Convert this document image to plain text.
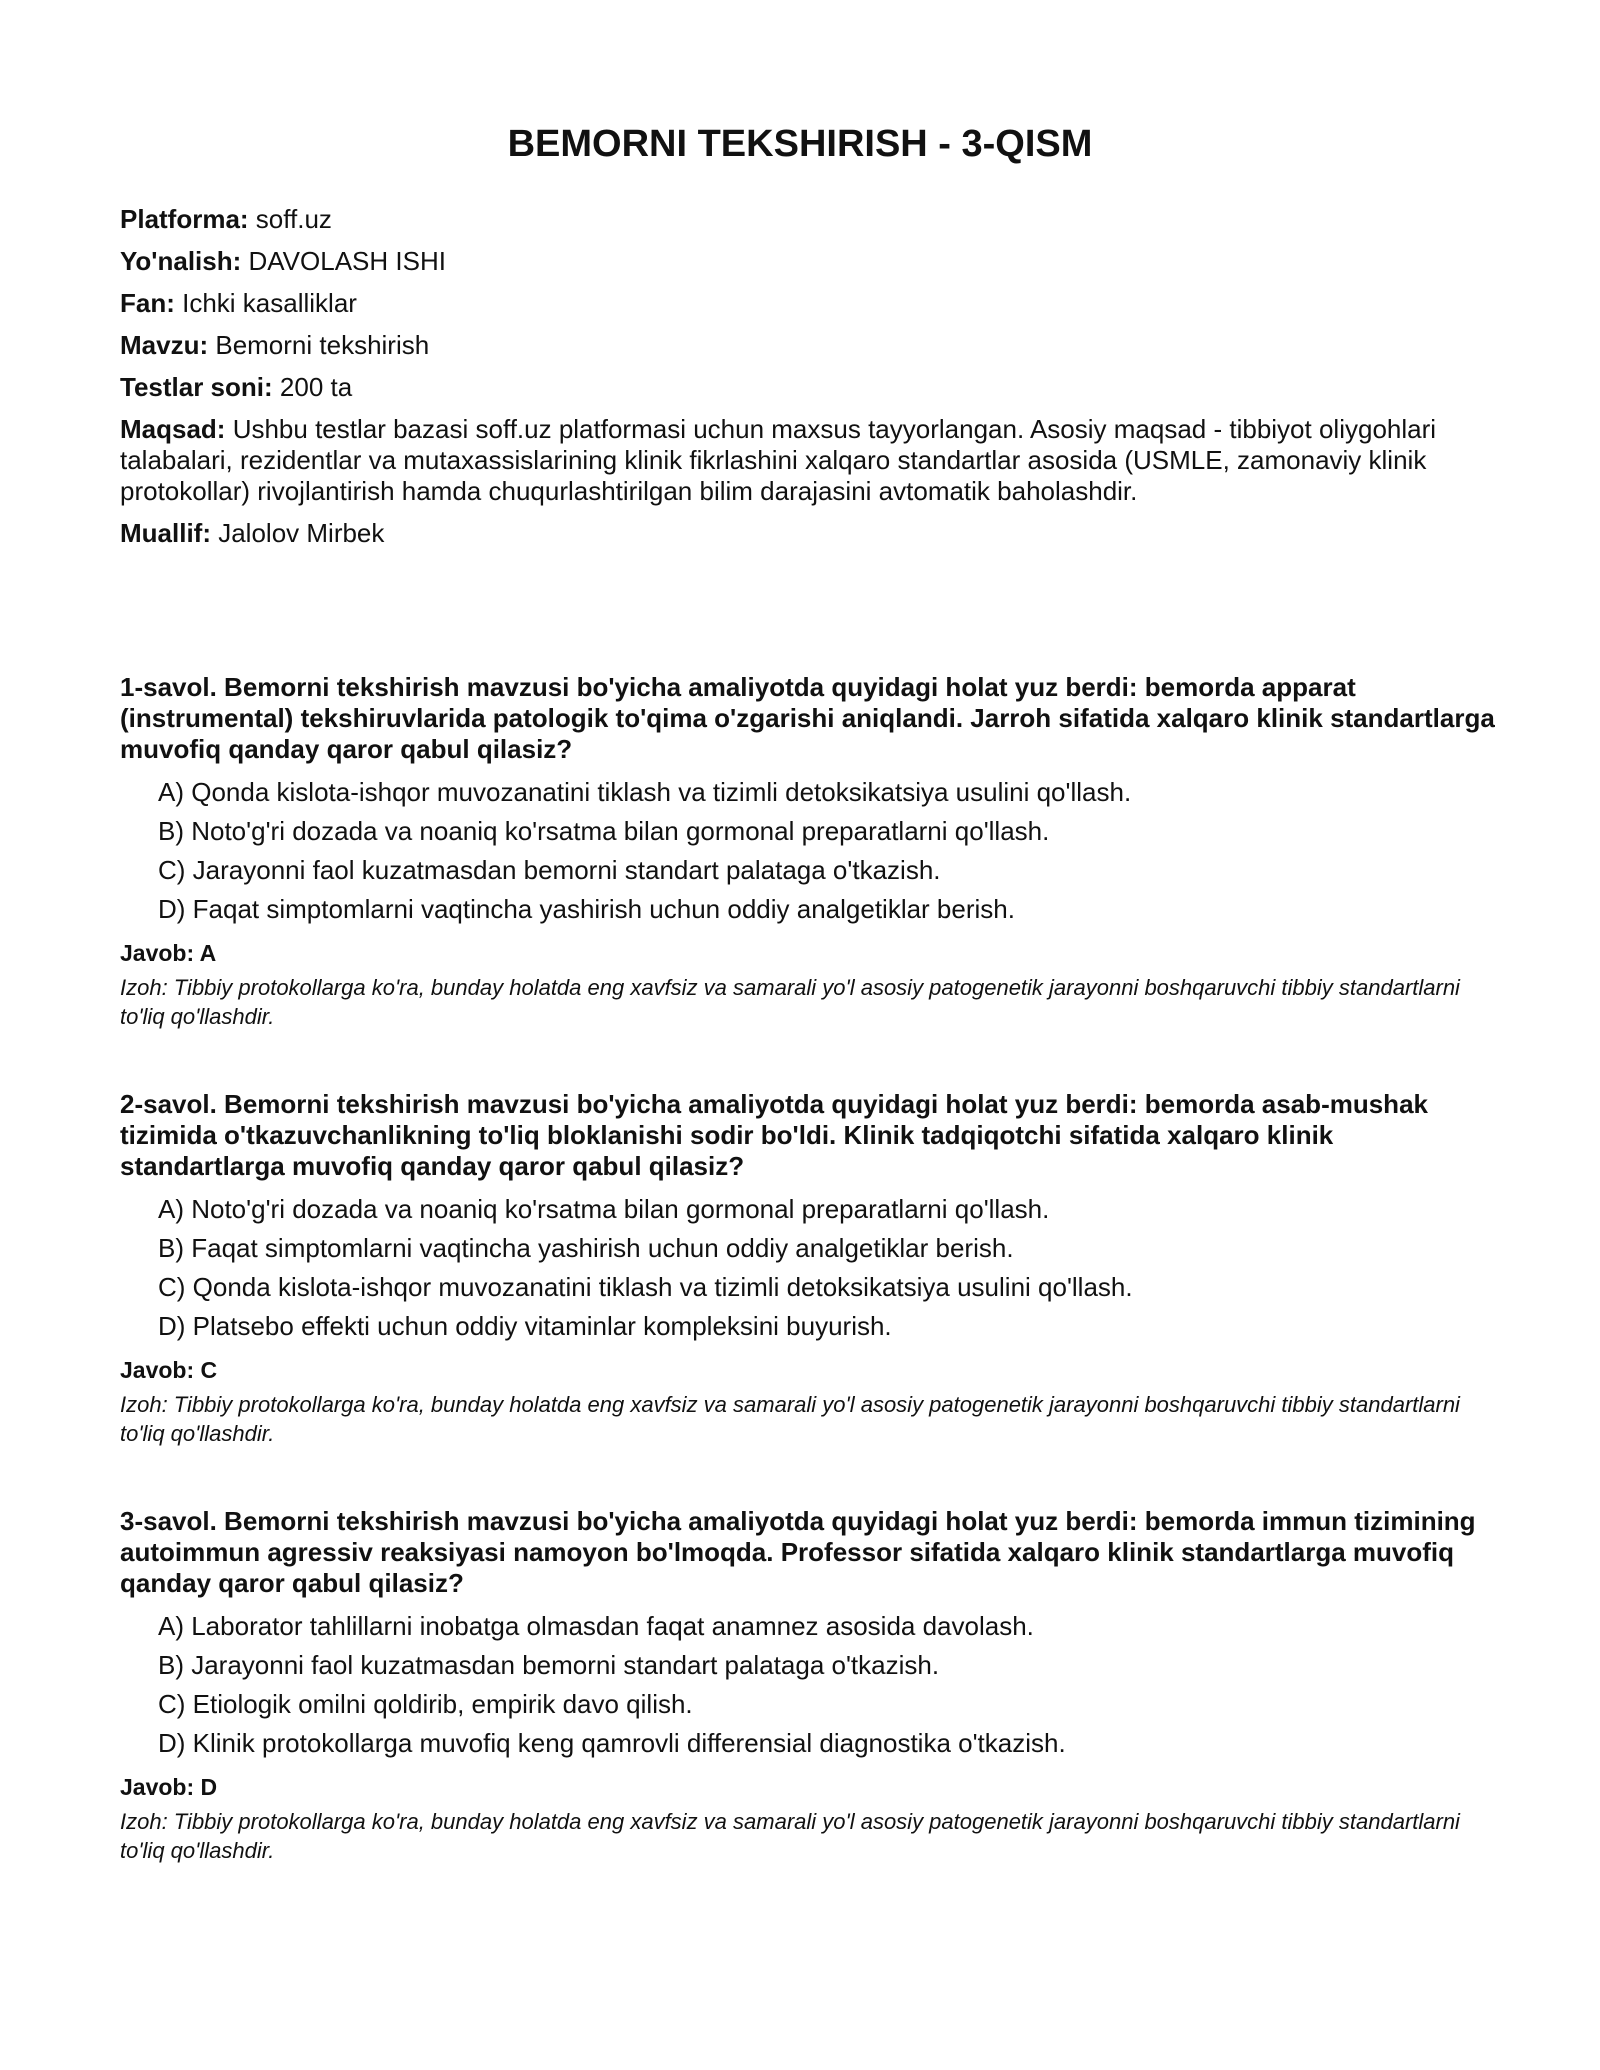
BEMORNI TEKSHIRISH - 3-QISM

Platforma: soff.uz

Yo'nalish: DAVOLASH ISHI

Fan: Ichki kasalliklar

Mavzu: Bemorni tekshirish

Testlar soni: 200 ta

Maqsad: Ushbu testlar bazasi soff.uz platformasi uchun maxsus tayyorlangan. Asosiy maqsad - tibbiyot oliygohlari talabalari, rezidentlar va mutaxassislarining klinik fikrlashini xalqaro standartlar asosida (USMLE, zamonaviy klinik protokollar) rivojlantirish hamda chuqurlashtirilgan bilim darajasini avtomatik baholashdir.

Muallif: Jalolov Mirbek

1-savol. Bemorni tekshirish mavzusi bo'yicha amaliyotda quyidagi holat yuz berdi: bemorda apparat (instrumental) tekshiruvlarida patologik to'qima o'zgarishi aniqlandi. Jarroh sifatida xalqaro klinik standartlarga muvofiq qanday qaror qabul qilasiz?

A) Qonda kislota-ishqor muvozanatini tiklash va tizimli detoksikatsiya usulini qo'llash.
B) Noto'g'ri dozada va noaniq ko'rsatma bilan gormonal preparatlarni qo'llash.
C) Jarayonni faol kuzatmasdan bemorni standart palataga o'tkazish.
D) Faqat simptomlarni vaqtincha yashirish uchun oddiy analgetiklar berish.

Javob: A

Izoh: Tibbiy protokollarga ko'ra, bunday holatda eng xavfsiz va samarali yo'l asosiy patogenetik jarayonni boshqaruvchi tibbiy standartlarni to'liq qo'llashdir.

2-savol. Bemorni tekshirish mavzusi bo'yicha amaliyotda quyidagi holat yuz berdi: bemorda asab-mushak tizimida o'tkazuvchanlikning to'liq bloklanishi sodir bo'ldi. Klinik tadqiqotchi sifatida xalqaro klinik standartlarga muvofiq qanday qaror qabul qilasiz?

A) Noto'g'ri dozada va noaniq ko'rsatma bilan gormonal preparatlarni qo'llash.
B) Faqat simptomlarni vaqtincha yashirish uchun oddiy analgetiklar berish.
C) Qonda kislota-ishqor muvozanatini tiklash va tizimli detoksikatsiya usulini qo'llash.
D) Platsebo effekti uchun oddiy vitaminlar kompleksini buyurish.

Javob: C

Izoh: Tibbiy protokollarga ko'ra, bunday holatda eng xavfsiz va samarali yo'l asosiy patogenetik jarayonni boshqaruvchi tibbiy standartlarni to'liq qo'llashdir.

3-savol. Bemorni tekshirish mavzusi bo'yicha amaliyotda quyidagi holat yuz berdi: bemorda immun tizimining autoimmun agressiv reaksiyasi namoyon bo'lmoqda. Professor sifatida xalqaro klinik standartlarga muvofiq qanday qaror qabul qilasiz?

A) Laborator tahlillarni inobatga olmasdan faqat anamnez asosida davolash.
B) Jarayonni faol kuzatmasdan bemorni standart palataga o'tkazish.
C) Etiologik omilni qoldirib, empirik davo qilish.
D) Klinik protokollarga muvofiq keng qamrovli differensial diagnostika o'tkazish.

Javob: D

Izoh: Tibbiy protokollarga ko'ra, bunday holatda eng xavfsiz va samarali yo'l asosiy patogenetik jarayonni boshqaruvchi tibbiy standartlarni to'liq qo'llashdir.
